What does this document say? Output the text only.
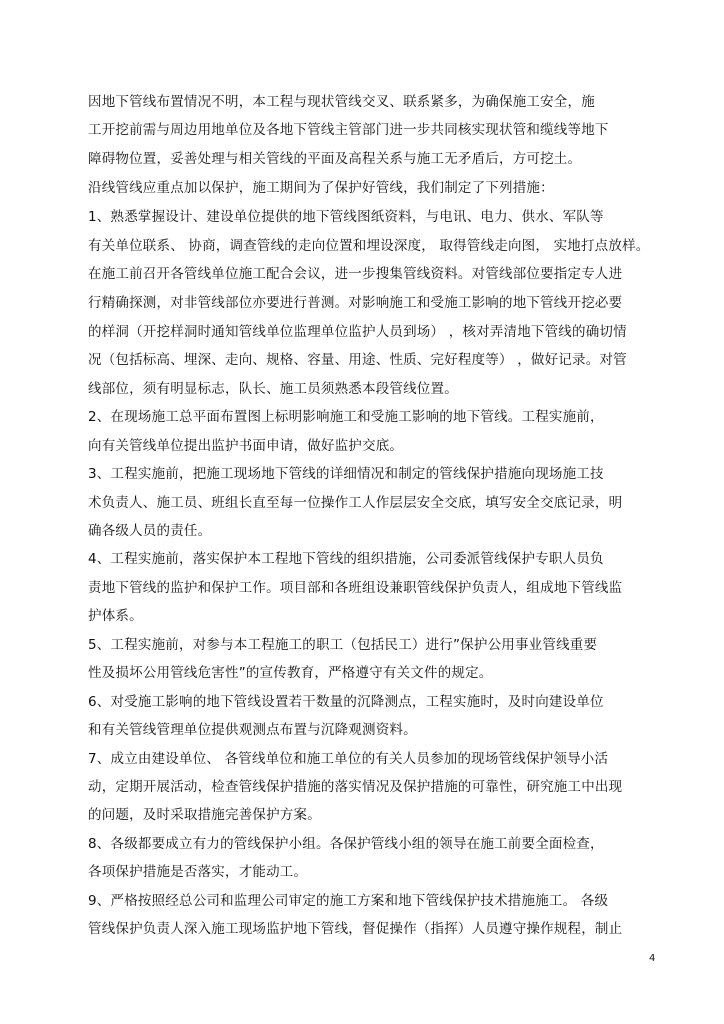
因地下管线布置情况不明，本工程与现状管线交叉、联系紧多，为确保施工安全，施
工开挖前需与周边用地单位及各地下管线主管部门进一步共同核实现状管和缆线等地下
障碍物位置，妥善处理与相关管线的平面及高程关系与施工无矛盾后，方可挖土。
沿线管线应重点加以保护，施工期间为了保护好管线，我们制定了下列措施：
1、熟悉掌握设计、建设单位提供的地下管线图纸资料，与电讯、电力、供水、军队等
有关单位联系、 协商，调查管线的走向位置和埋设深度， 取得管线走向图， 实地打点放样。
在施工前召开各管线单位施工配合会议，进一步搜集管线资料。对管线部位要指定专人进
行精确探测，对非管线部位亦要进行普测。对影响施工和受施工影响的地下管线开挖必要
的样洞（开挖样洞时通知管线单位监理单位监护人员到场） ，核对弄清地下管线的确切情
况（包括标高、埋深、走向、规格、容量、用途、性质、完好程度等） ，做好记录。对管
线部位，须有明显标志，队长、施工员须熟悉本段管线位置。
2、在现场施工总平面布置图上标明影响施工和受施工影响的地下管线。工程实施前，
向有关管线单位提出监护书面申请，做好监护交底。
3、工程实施前，把施工现场地下管线的详细情况和制定的管线保护措施向现场施工技
术负责人、施工员、班组长直至每一位操作工人作层层安全交底，填写安全交底记录，明
确各级人员的责任。
4、工程实施前，落实保护本工程地下管线的组织措施，公司委派管线保护专职人员负
责地下管线的监护和保护工作。项目部和各班组设兼职管线保护负责人，组成地下管线监
护体系。
5、工程实施前，对参与本工程施工的职工（包括民工）进行”保护公用事业管线重要
性及损坏公用管线危害性”的宣传教育，严格遵守有关文件的规定。
6、对受施工影响的地下管线设置若干数量的沉降测点，工程实施时，及时向建设单位
和有关管线管理单位提供观测点布置与沉降观测资料。
7、成立由建设单位、 各管线单位和施工单位的有关人员参加的现场管线保护领导小活
动，定期开展活动，检查管线保护措施的落实情况及保护措施的可靠性，研究施工中出现
的问题，及时采取措施完善保护方案。
8、各级都要成立有力的管线保护小组。各保护管线小组的领导在施工前要全面检查，
各项保护措施是否落实，才能动工。
9、严格按照经总公司和监理公司审定的施工方案和地下管线保护技术措施施工。 各级
管线保护负责人深入施工现场监护地下管线，督促操作（指挥）人员遵守操作规程，制止
4
